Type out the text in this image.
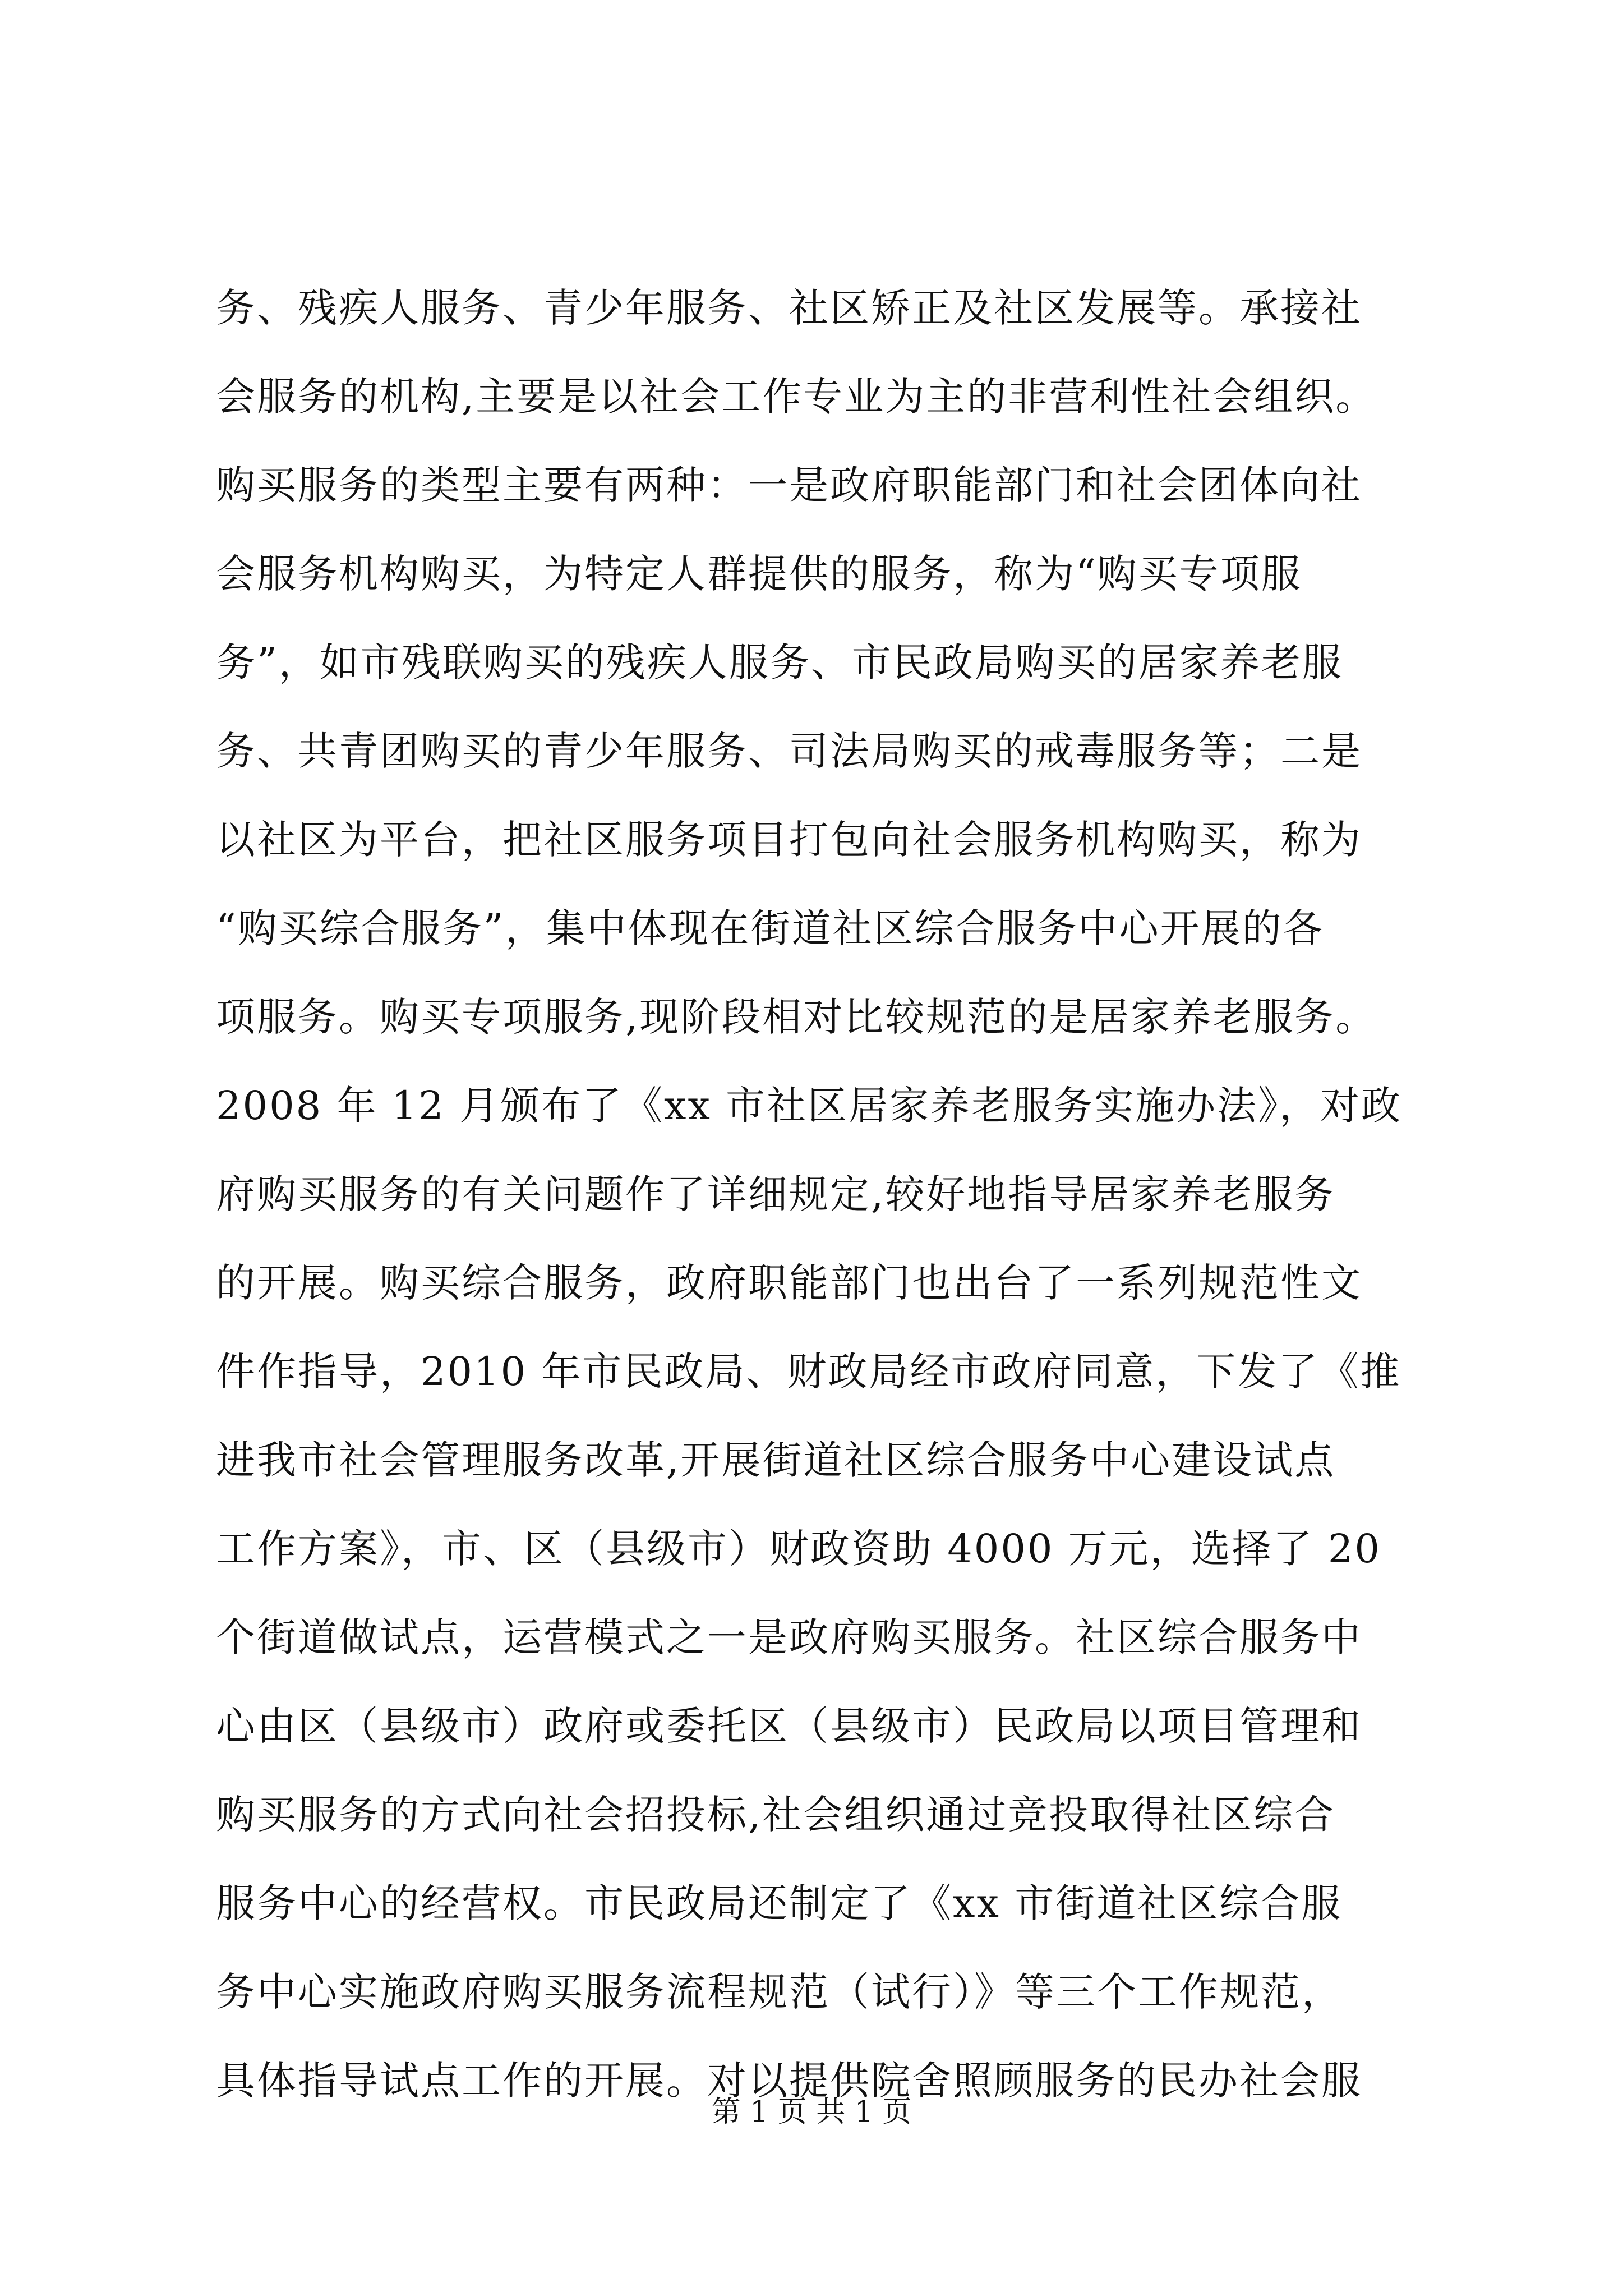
务、残疾人服务、青少年服务、社区矫正及社区发展等。承接社
会服务的机构,主要是以社会工作专业为主的非营利性社会组织。
购买服务的类型主要有两种：一是政府职能部门和社会团体向社
会服务机构购买，为特定人群提供的服务，称为“购买专项服
务”，如市残联购买的残疾人服务、市民政局购买的居家养老服
务、共青团购买的青少年服务、司法局购买的戒毒服务等；二是
以社区为平台，把社区服务项目打包向社会服务机构购买，称为
“购买综合服务”，集中体现在街道社区综合服务中心开展的各
项服务。购买专项服务,现阶段相对比较规范的是居家养老服务。
2008 年 12 月颁布了《xx 市社区居家养老服务实施办法》，对政
府购买服务的有关问题作了详细规定,较好地指导居家养老服务
的开展。购买综合服务，政府职能部门也出台了一系列规范性文
件作指导，2010 年市民政局、财政局经市政府同意，下发了《推
进我市社会管理服务改革,开展街道社区综合服务中心建设试点
工作方案》，市、区（县级市）财政资助 4000 万元，选择了 20
个街道做试点，运营模式之一是政府购买服务。社区综合服务中
心由区（县级市）政府或委托区（县级市）民政局以项目管理和
购买服务的方式向社会招投标,社会组织通过竞投取得社区综合
服务中心的经营权。市民政局还制定了《xx 市街道社区综合服
务中心实施政府购买服务流程规范（试行）》等三个工作规范，
具体指导试点工作的开展。对以提供院舍照顾服务的民办社会服
第 1 页 共 1 页
